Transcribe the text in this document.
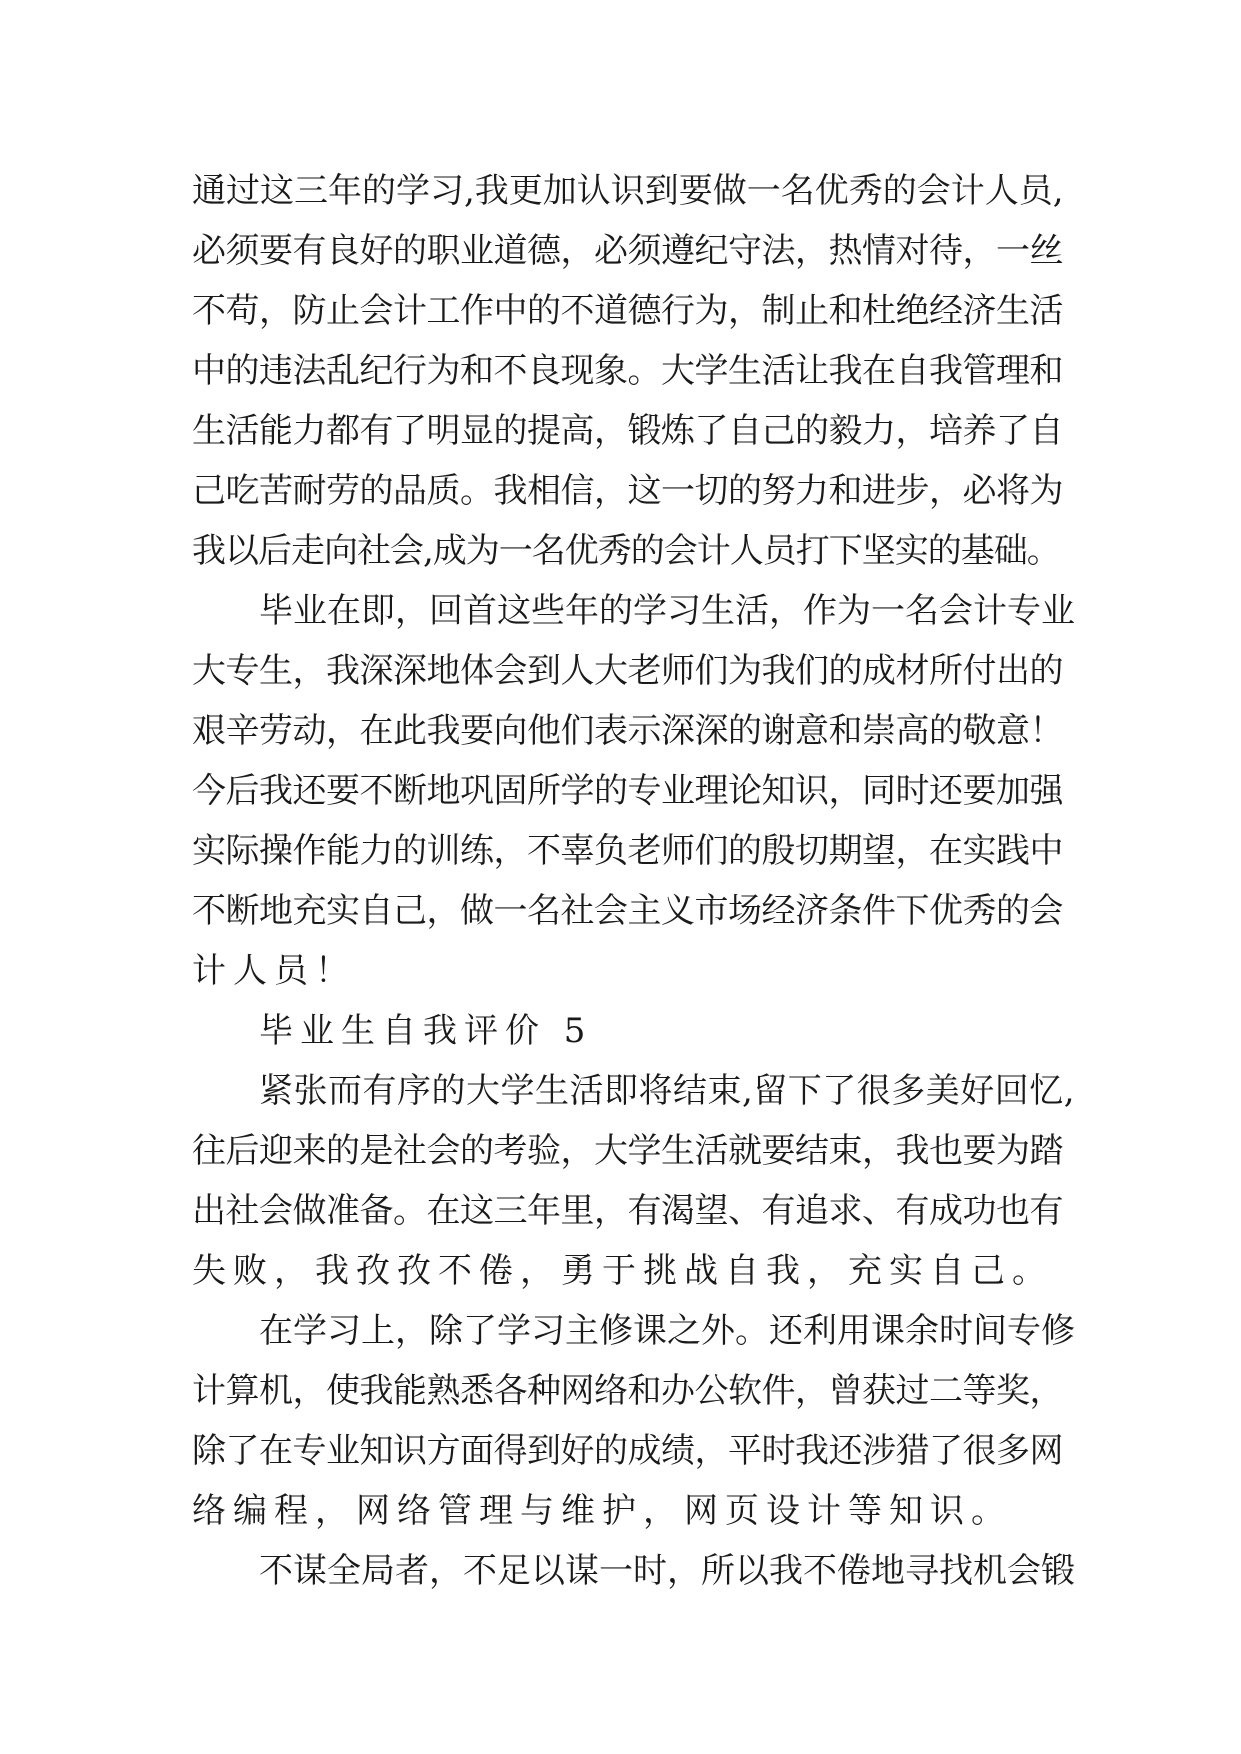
通过这三年的学习,我更加认识到要做一名优秀的会计人员,
必须要有良好的职业道德，必须遵纪守法，热情对待，一丝
不苟，防止会计工作中的不道德行为，制止和杜绝经济生活
中的违法乱纪行为和不良现象。大学生活让我在自我管理和
生活能力都有了明显的提高，锻炼了自己的毅力，培养了自
己吃苦耐劳的品质。我相信，这一切的努力和进步，必将为
我以后走向社会,成为一名优秀的会计人员打下坚实的基础。
毕业在即，回首这些年的学习生活，作为一名会计专业
大专生，我深深地体会到人大老师们为我们的成材所付出的
艰辛劳动，在此我要向他们表示深深的谢意和崇高的敬意！
今后我还要不断地巩固所学的专业理论知识，同时还要加强
实际操作能力的训练，不辜负老师们的殷切期望，在实践中
不断地充实自己，做一名社会主义市场经济条件下优秀的会
计人员！
毕业生自我评价 5
紧张而有序的大学生活即将结束,留下了很多美好回忆,
往后迎来的是社会的考验，大学生活就要结束，我也要为踏
出社会做准备。在这三年里，有渴望、有追求、有成功也有
失败，我孜孜不倦，勇于挑战自我，充实自己。
在学习上，除了学习主修课之外。还利用课余时间专修
计算机，使我能熟悉各种网络和办公软件，曾获过二等奖，
除了在专业知识方面得到好的成绩，平时我还涉猎了很多网
络编程，网络管理与维护，网页设计等知识。
不谋全局者，不足以谋一时，所以我不倦地寻找机会锻
